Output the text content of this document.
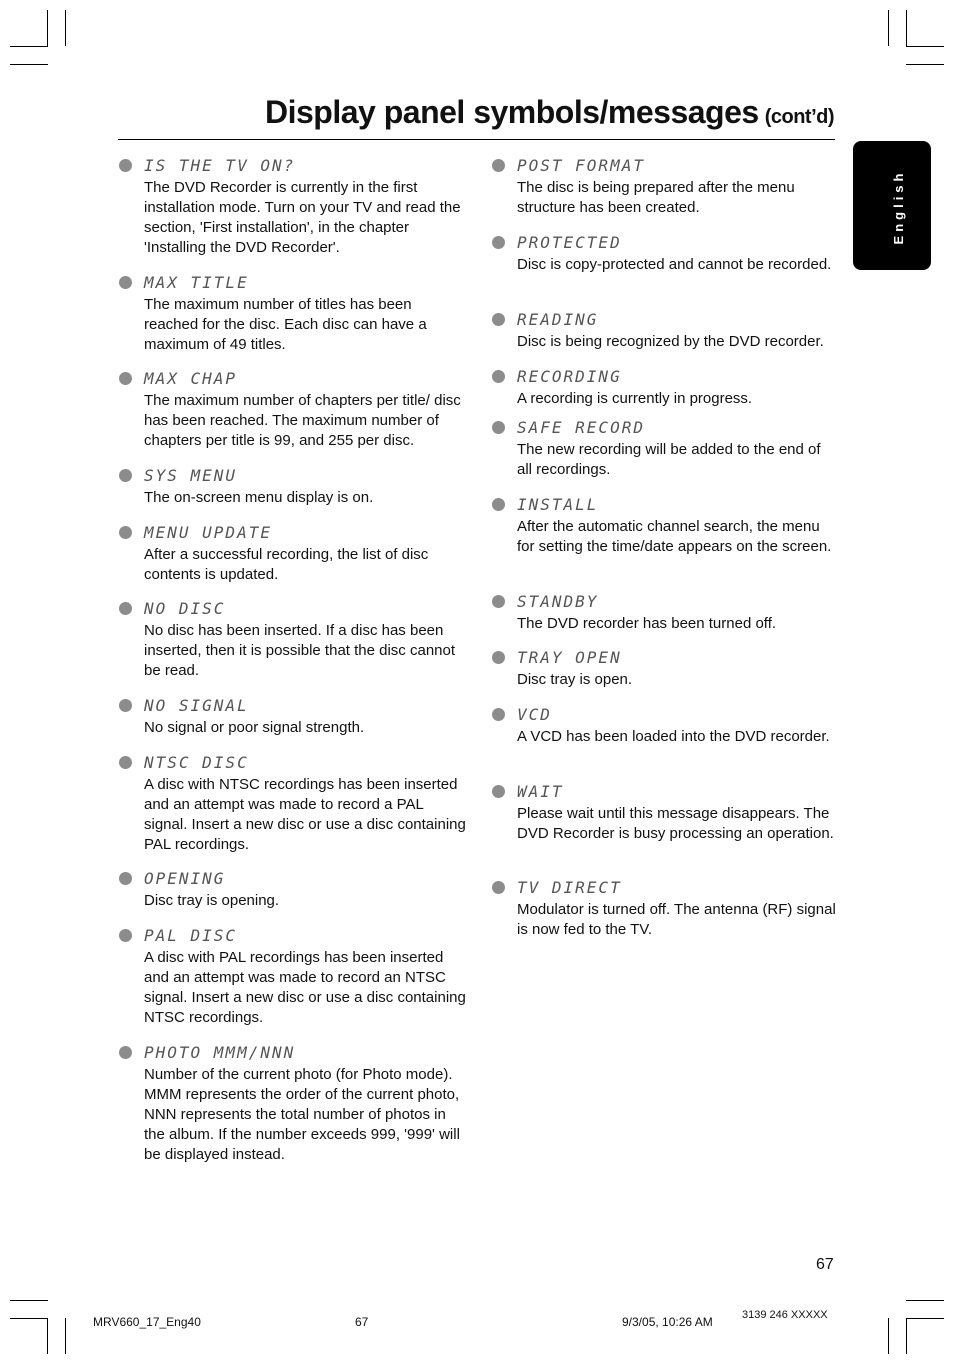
Display panel symbols/messages (cont’d)
English
IS THE TV ON?
The DVD Recorder is currently in the first installation mode. Turn on your TV and read the section, 'First installation', in the chapter 'Installing the DVD Recorder'.
MAX TITLE
The maximum number of titles has been reached for the disc. Each disc can have a maximum of 49 titles.
MAX CHAP
The maximum number of chapters per title/ disc has been reached. The maximum number of chapters per title is 99, and 255 per disc.
SYS MENU
The on-screen menu display is on.
MENU UPDATE
After a successful recording, the list of disc contents is updated.
NO DISC
No disc has been inserted. If a disc has been inserted, then it is possible that the disc cannot be read.
NO SIGNAL
No signal or poor signal strength.
NTSC DISC
A disc with NTSC recordings has been inserted and an attempt was made to record a PAL signal. Insert a new disc or use a disc containing PAL recordings.
OPENING
Disc tray is opening.
PAL DISC
A disc with PAL recordings has been inserted and an attempt was made to record an NTSC signal. Insert a new disc or use a disc containing NTSC recordings.
PHOTO MMM/NNN
Number of the current photo (for Photo mode). MMM represents the order of the current photo, NNN represents the total number of photos in the album. If the number exceeds 999, '999' will be displayed instead.
POST FORMAT
The disc is being prepared after the menu structure has been created.
PROTECTED
Disc is copy-protected and cannot be recorded.
READING
Disc is being recognized by the DVD recorder.
RECORDING
A recording is currently in progress.
SAFE RECORD
The new recording will be added to the end of all recordings.
INSTALL
After the automatic channel search, the menu for setting the time/date appears on the screen.
STANDBY
The DVD recorder has been turned off.
TRAY OPEN
Disc tray is open.
VCD
A VCD has been loaded into the DVD recorder.
WAIT
Please wait until this message disappears. The DVD Recorder is busy processing an operation.
TV DIRECT
Modulator is turned off. The antenna (RF) signal is now fed to the TV.
67
MRV660_17_Eng40	67	9/3/05, 10:26 AM	3139 246 XXXXX
